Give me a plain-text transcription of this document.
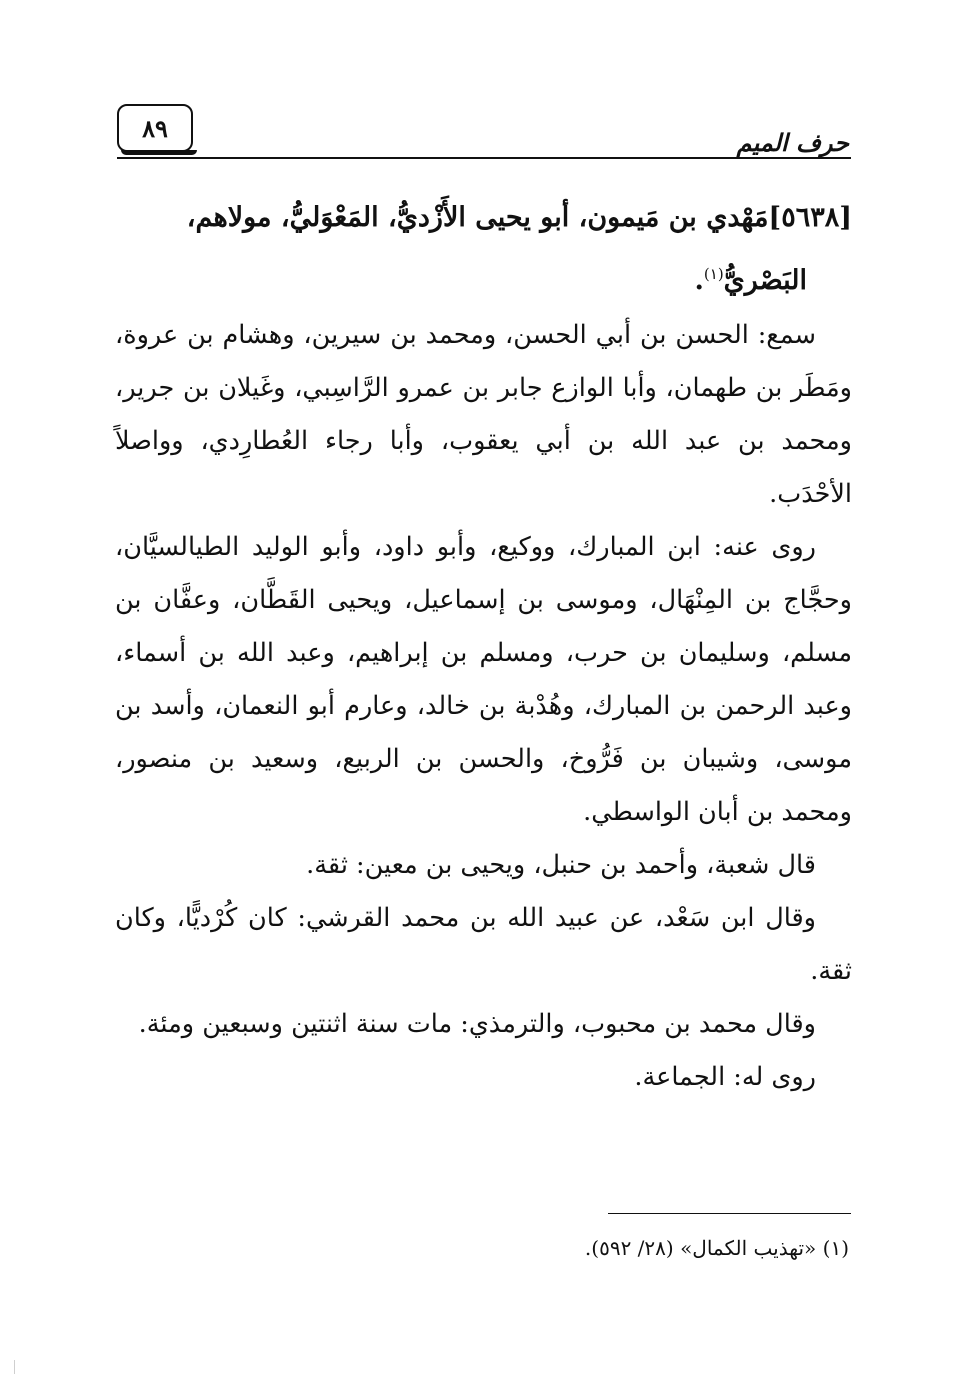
حرف الميم
٨٩

[٥٦٣٨]مَهْدي بن مَيمون، أبو يحيى الأَزْديُّ، المَعْوَليُّ، مولاهم،
البَصْريُّ$^{(١)}$.

سمع: الحسن بن أبي الحسن، ومحمد بن سيرين، وهشام بن عروة، ومَطَر بن طهمان، وأبا الوازع جابر بن عمرو الرَّاسِبي، وغَيلان بن جرير، ومحمد بن عبد الله بن أبي يعقوب، وأبا رجاء العُطارِدي، وواصلاً الأحْدَب.

روى عنه: ابن المبارك، ووكيع، وأبو داود، وأبو الوليد الطيالسيَّان، وحجَّاج بن المِنْهَال، وموسى بن إسماعيل، ويحيى القَطَّان، وعفَّان بن مسلم، وسليمان بن حرب، ومسلم بن إبراهيم، وعبد الله بن أسماء، وعبد الرحمن بن المبارك، وهُدْبة بن خالد، وعارم أبو النعمان، وأسد بن موسى، وشيبان بن فَرُّوخ، والحسن بن الربيع، وسعيد بن منصور، ومحمد بن أبان الواسطي.

قال شعبة، وأحمد بن حنبل، ويحيى بن معين: ثقة.

وقال ابن سَعْد، عن عبيد الله بن محمد القرشي: كان كُرْديًّا، وكان ثقة.

وقال محمد بن محبوب، والترمذي: مات سنة اثنتين وسبعين ومئة.

روى له: الجماعة.

(١) «تهذيب الكمال» (٢٨/ ٥٩٢).
